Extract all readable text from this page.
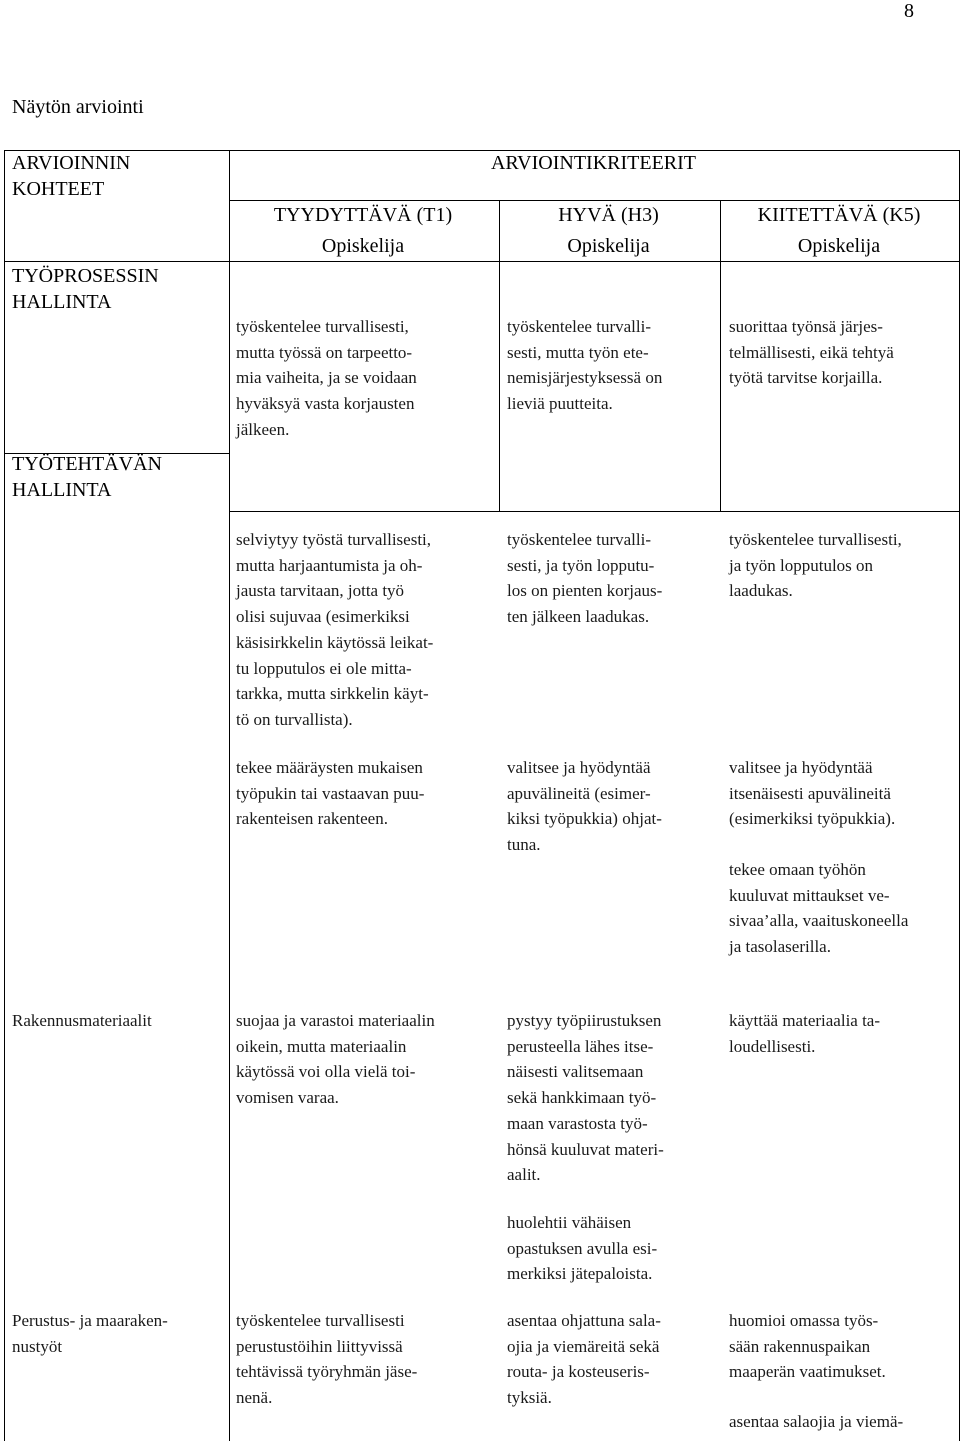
8
Näytön arviointi
ARVIOINNIN
KOHTEET
ARVIOINTIKRITEERIT
TYYDYTTÄVÄ (T1)
Opiskelija
HYVÄ (H3)
Opiskelija
KIITETTÄVÄ (K5)
Opiskelija
TYÖPROSESSIN
HALLINTA
TYÖTEHTÄVÄN
HALLINTA
Rakennusmateriaalit
Perustus- ja maaraken-
nustyöt
työskentelee turvallisesti,
mutta työssä on tarpeetto-
mia vaiheita, ja se voidaan
hyväksyä vasta korjausten
jälkeen.
työskentelee turvalli-
sesti, mutta työn ete-
nemisjärjestyksessä on
lieviä puutteita.
suorittaa työnsä järjes-
telmällisesti, eikä tehtyä
työtä tarvitse korjailla.
selviytyy työstä turvallisesti,
mutta harjaantumista ja oh-
jausta tarvitaan, jotta työ
olisi sujuvaa (esimerkiksi
käsisirkkelin käytössä leikat-
tu lopputulos ei ole mitta-
tarkka, mutta sirkkelin käyt-
tö on turvallista).
työskentelee turvalli-
sesti, ja työn lopputu-
los on pienten korjaus-
ten jälkeen laadukas.
työskentelee turvallisesti,
ja työn lopputulos on
laadukas.
tekee määräysten mukaisen
työpukin tai vastaavan puu-
rakenteisen rakenteen.
valitsee ja hyödyntää
apuvälineitä (esimer-
kiksi työpukkia) ohjat-
tuna.
valitsee ja hyödyntää
itsenäisesti apuvälineitä
(esimerkiksi työpukkia).
tekee omaan työhön
kuuluvat mittaukset ve-
sivaa’alla, vaaituskoneella
ja tasolaserilla.
suojaa ja varastoi materiaalin
oikein, mutta materiaalin
käytössä voi olla vielä toi-
vomisen varaa.
pystyy työpiirustuksen
perusteella lähes itse-
näisesti valitsemaan
sekä hankkimaan työ-
maan varastosta työ-
hönsä kuuluvat materi-
aalit.
huolehtii vähäisen
opastuksen avulla esi-
merkiksi jätepaloista.
käyttää materiaalia ta-
loudellisesti.
työskentelee turvallisesti
perustustöihin liittyvissä
tehtävissä työryhmän jäse-
nenä.
asentaa ohjattuna sala-
ojia ja viemäreitä sekä
routa- ja kosteuseris-
tyksiä.
huomioi omassa työs-
sään rakennuspaikan
maaperän vaatimukset.
asentaa salaojia ja viemä-
